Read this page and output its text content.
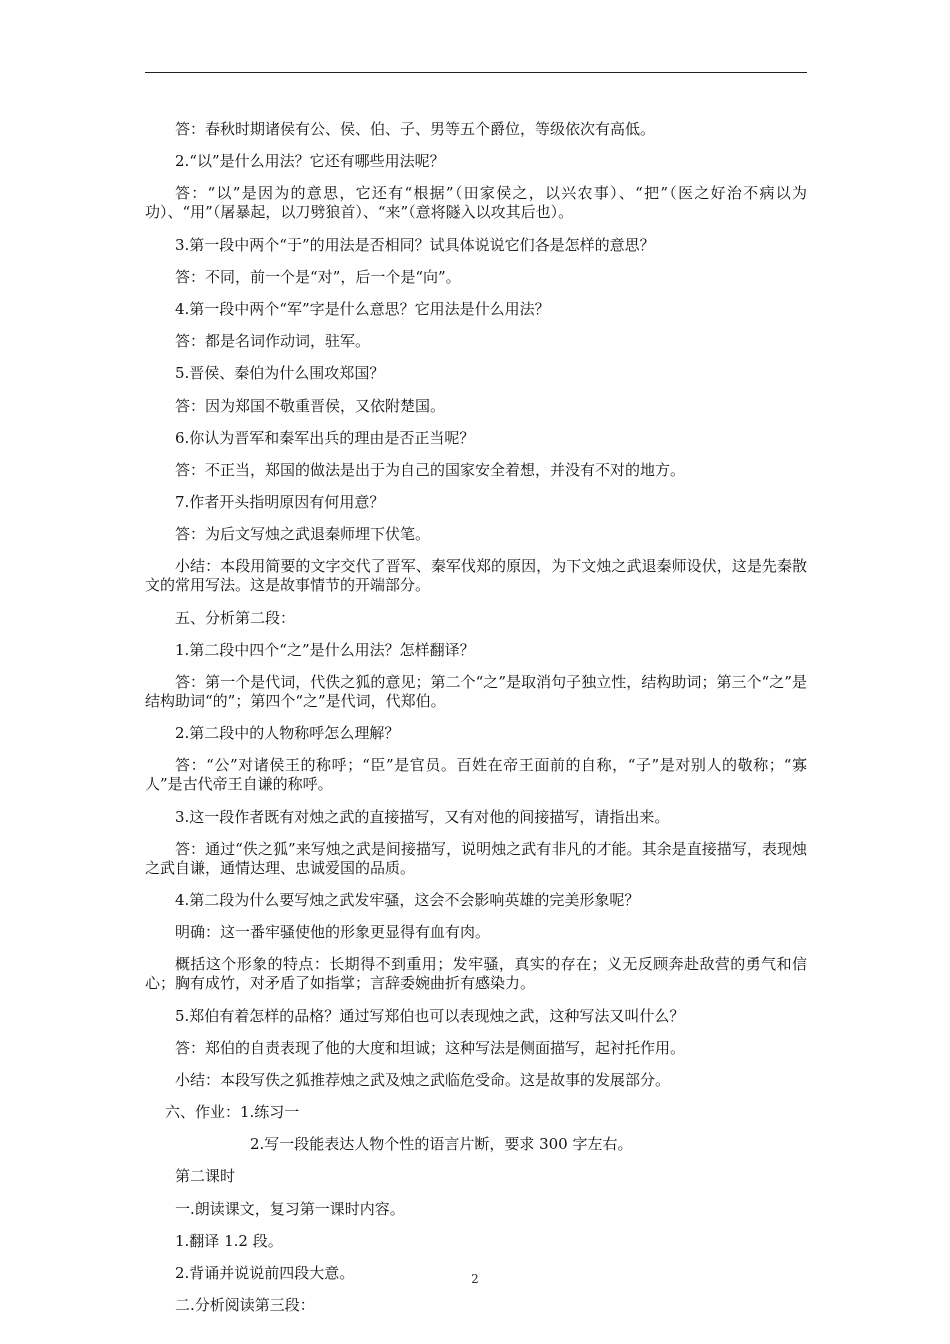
答：春秋时期诸侯有公、侯、伯、子、男等五个爵位，等级依次有高低。

2.“以”是什么用法？它还有哪些用法呢？

答：“以”是因为的意思，它还有“根据”（田家侯之，以兴农事）、“把”（医之好治不病以为功）、“用”（屠暴起，以刀劈狼首）、“来”（意将隧入以攻其后也）。

3.第一段中两个“于”的用法是否相同？试具体说说它们各是怎样的意思？

答：不同，前一个是“对”，后一个是“向”。

4.第一段中两个“军”字是什么意思？它用法是什么用法？

答：都是名词作动词，驻军。

5.晋侯、秦伯为什么围攻郑国？

答：因为郑国不敬重晋侯，又依附楚国。

6.你认为晋军和秦军出兵的理由是否正当呢？

答：不正当，郑国的做法是出于为自己的国家安全着想，并没有不对的地方。

7.作者开头指明原因有何用意？

答：为后文写烛之武退秦师埋下伏笔。

小结：本段用简要的文字交代了晋军、秦军伐郑的原因，为下文烛之武退秦师设伏，这是先秦散文的常用写法。这是故事情节的开端部分。

五、分析第二段：

1.第二段中四个“之”是什么用法？怎样翻译？

答：第一个是代词，代佚之狐的意见；第二个“之”是取消句子独立性，结构助词；第三个“之”是结构助词“的”；第四个“之”是代词，代郑伯。

2.第二段中的人物称呼怎么理解？

答：“公”对诸侯王的称呼；“臣”是官员。百姓在帝王面前的自称，“子”是对别人的敬称；“寡人”是古代帝王自谦的称呼。

3.这一段作者既有对烛之武的直接描写，又有对他的间接描写，请指出来。

答：通过“佚之狐”来写烛之武是间接描写，说明烛之武有非凡的才能。其余是直接描写，表现烛之武自谦，通情达理、忠诚爱国的品质。

4.第二段为什么要写烛之武发牢骚，这会不会影响英雄的完美形象呢？

明确：这一番牢骚使他的形象更显得有血有肉。

概括这个形象的特点：长期得不到重用；发牢骚，真实的存在；义无反顾奔赴敌营的勇气和信心；胸有成竹，对矛盾了如指掌；言辞委婉曲折有感染力。

5.郑伯有着怎样的品格？通过写郑伯也可以表现烛之武，这种写法又叫什么？

答：郑伯的自责表现了他的大度和坦诚；这种写法是侧面描写，起衬托作用。

小结：本段写佚之狐推荐烛之武及烛之武临危受命。这是故事的发展部分。

六、作业：1.练习一

2.写一段能表达人物个性的语言片断，要求 300 字左右。

第二课时

一.朗读课文，复习第一课时内容。

1.翻译 1.2 段。

2.背诵并说说前四段大意。

二.分析阅读第三段：

2
